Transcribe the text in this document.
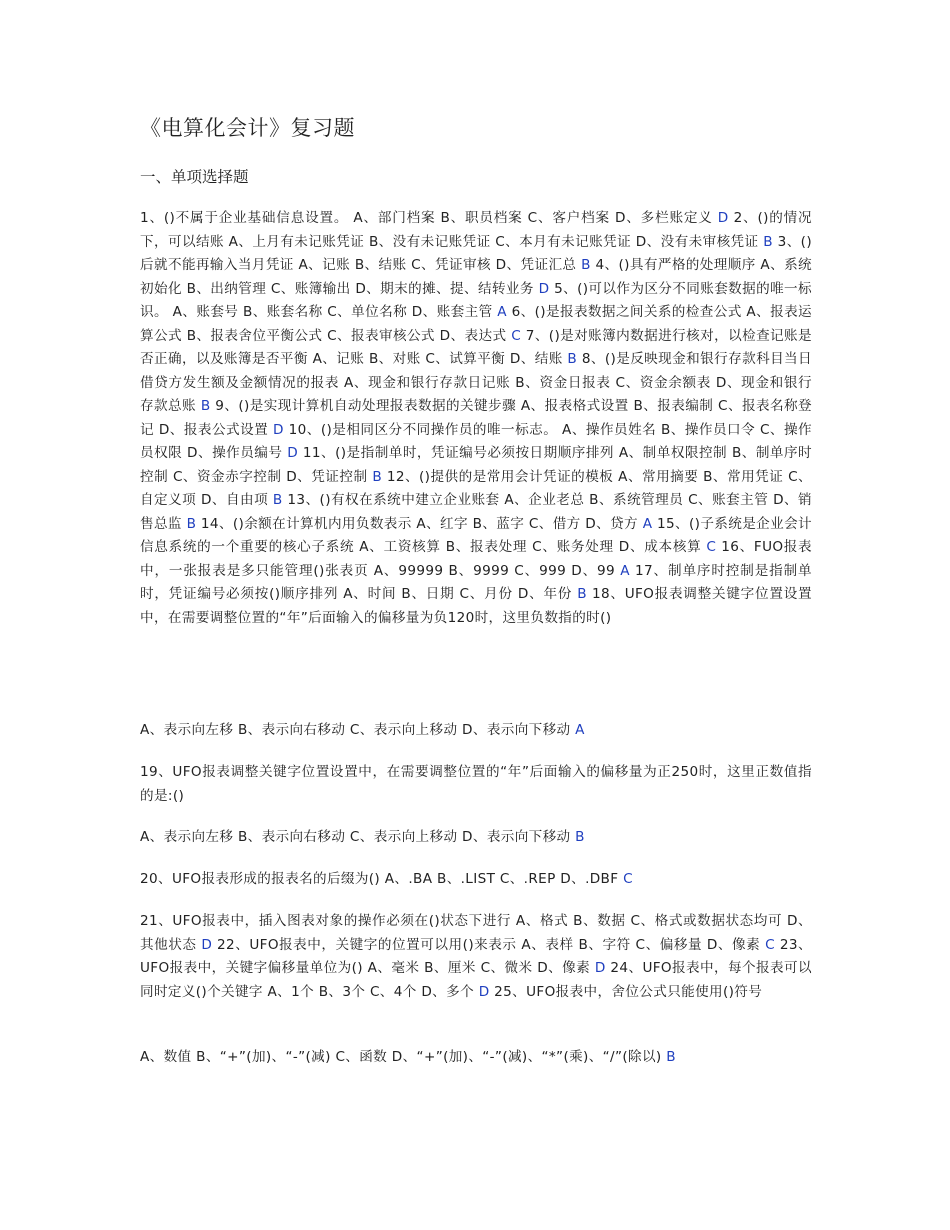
《电算化会计》复习题
一、单项选择题

1、()不属于企业基础信息设置。 A、部门档案 B、职员档案 C、客户档案 D、多栏账定义 D 2、()的情况下，可以结账 A、上月有未记账凭证 B、没有未记账凭证 C、本月有未记账凭证 D、没有未审核凭证 B 3、()后就不能再输入当月凭证 A、记账 B、结账 C、凭证审核 D、凭证汇总 B 4、()具有严格的处理顺序 A、系统初始化 B、出纳管理 C、账簿输出 D、期末的摊、提、结转业务 D 5、()可以作为区分不同账套数据的唯一标识。 A、账套号 B、账套名称 C、单位名称 D、账套主管 A 6、()是报表数据之间关系的检查公式 A、报表运算公式 B、报表舍位平衡公式 C、报表审核公式 D、表达式 C 7、()是对账簿内数据进行核对，以检查记账是否正确，以及账簿是否平衡 A、记账 B、对账 C、试算平衡 D、结账 B 8、()是反映现金和银行存款科目当日借贷方发生额及金额情况的报表 A、现金和银行存款日记账 B、资金日报表 C、资金余额表 D、现金和银行存款总账 B 9、()是实现计算机自动处理报表数据的关键步骤 A、报表格式设置 B、报表编制 C、报表名称登记 D、报表公式设置 D 10、()是相同区分不同操作员的唯一标志。 A、操作员姓名 B、操作员口令 C、操作员权限 D、操作员编号 D 11、()是指制单时，凭证编号必须按日期顺序排列 A、制单权限控制 B、制单序时控制 C、资金赤字控制 D、凭证控制 B 12、()提供的是常用会计凭证的模板 A、常用摘要 B、常用凭证 C、自定义项 D、自由项 B 13、()有权在系统中建立企业账套 A、企业老总 B、系统管理员 C、账套主管 D、销售总监 B 14、()余额在计算机内用负数表示 A、红字 B、蓝字 C、借方 D、贷方 A 15、()子系统是企业会计信息系统的一个重要的核心子系统 A、工资核算 B、报表处理 C、账务处理 D、成本核算 C 16、FUO报表中，一张报表是多只能管理()张表页 A、99999 B、9999 C、999 D、99 A 17、制单序时控制是指制单时，凭证编号必须按()顺序排列 A、时间 B、日期 C、月份 D、年份 B 18、UFO报表调整关键字位置设置中，在需要调整位置的“年”后面输入的偏移量为负120时，这里负数指的时()

A、表示向左移 B、表示向右移动 C、表示向上移动 D、表示向下移动 A

19、UFO报表调整关键字位置设置中，在需要调整位置的“年”后面输入的偏移量为正250时，这里正数值指的是:()

A、表示向左移 B、表示向右移动 C、表示向上移动 D、表示向下移动 B

20、UFO报表形成的报表名的后缀为() A、.BA B、.LIST C、.REP D、.DBF C

21、UFO报表中，插入图表对象的操作必须在()状态下进行 A、格式 B、数据 C、格式或数据状态均可 D、其他状态 D 22、UFO报表中，关键字的位置可以用()来表示 A、表样 B、字符 C、偏移量 D、像素 C 23、UFO报表中，关键字偏移量单位为() A、毫米 B、厘米 C、微米 D、像素 D 24、UFO报表中，每个报表可以同时定义()个关键字 A、1个 B、3个 C、4个 D、多个 D 25、UFO报表中，舍位公式只能使用()符号

A、数值 B、“+”(加)、“-”(减) C、函数 D、“+”(加)、“-”(减)、“*”(乘)、“/”(除以) B
